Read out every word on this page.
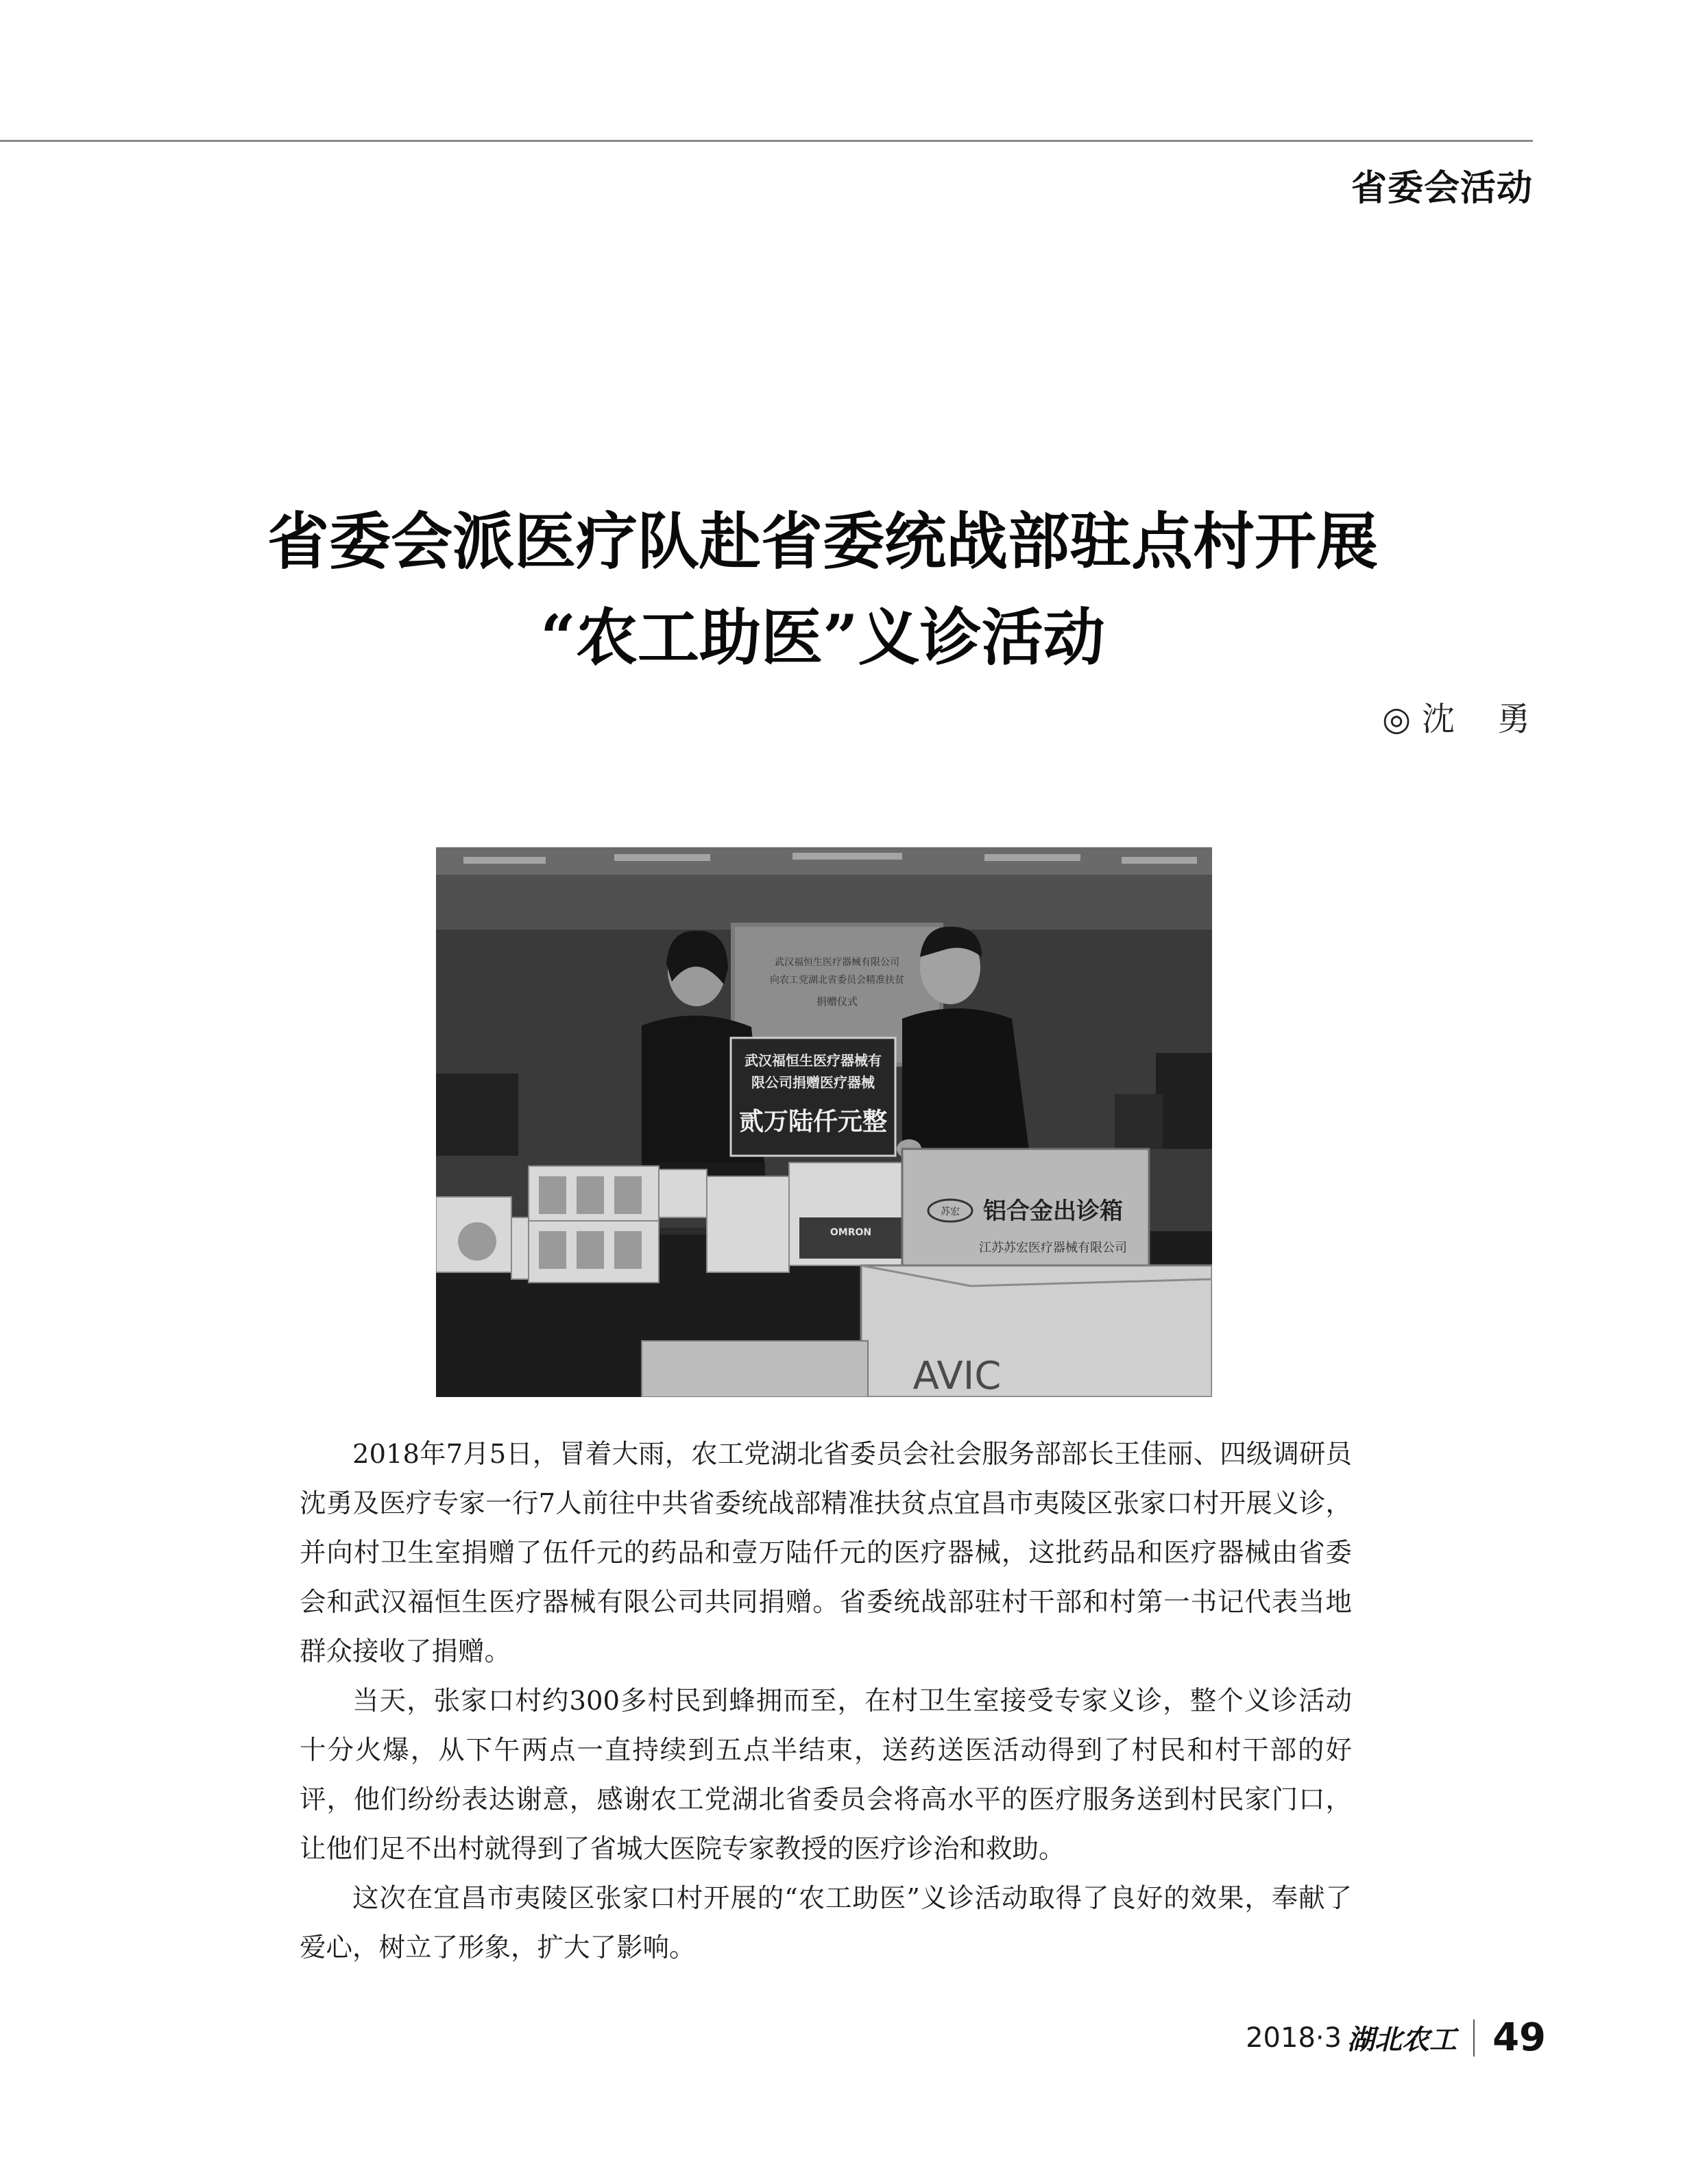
省委会活动
省委会派医疗队赴省委统战部驻点村开展
“农工助医”义诊活动
◎ 沈 勇
武汉福恒生医疗器械有限公司
向农工党湖北省委员会精准扶贫
捐赠仪式
武汉福恒生医疗器械有
限公司捐赠医疗器械
贰万陆仟元整
OMRON
苏宏 铝合金出诊箱
江苏苏宏医疗器械有限公司
AVIC

2018年7月5日，冒着大雨，农工党湖北省委员会社会服务部部长王佳丽、四级调研员沈勇及医疗专家一行7人前往中共省委统战部精准扶贫点宜昌市夷陵区张家口村开展义诊，并向村卫生室捐赠了伍仟元的药品和壹万陆仟元的医疗器械，这批药品和医疗器械由省委会和武汉福恒生医疗器械有限公司共同捐赠。省委统战部驻村干部和村第一书记代表当地群众接收了捐赠。

当天，张家口村约300多村民到蜂拥而至，在村卫生室接受专家义诊，整个义诊活动十分火爆，从下午两点一直持续到五点半结束，送药送医活动得到了村民和村干部的好评，他们纷纷表达谢意，感谢农工党湖北省委员会将高水平的医疗服务送到村民家门口，让他们足不出村就得到了省城大医院专家教授的医疗诊治和救助。

这次在宜昌市夷陵区张家口村开展的“农工助医”义诊活动取得了良好的效果，奉献了爱心，树立了形象，扩大了影响。

2018·3 湖北农工 49
